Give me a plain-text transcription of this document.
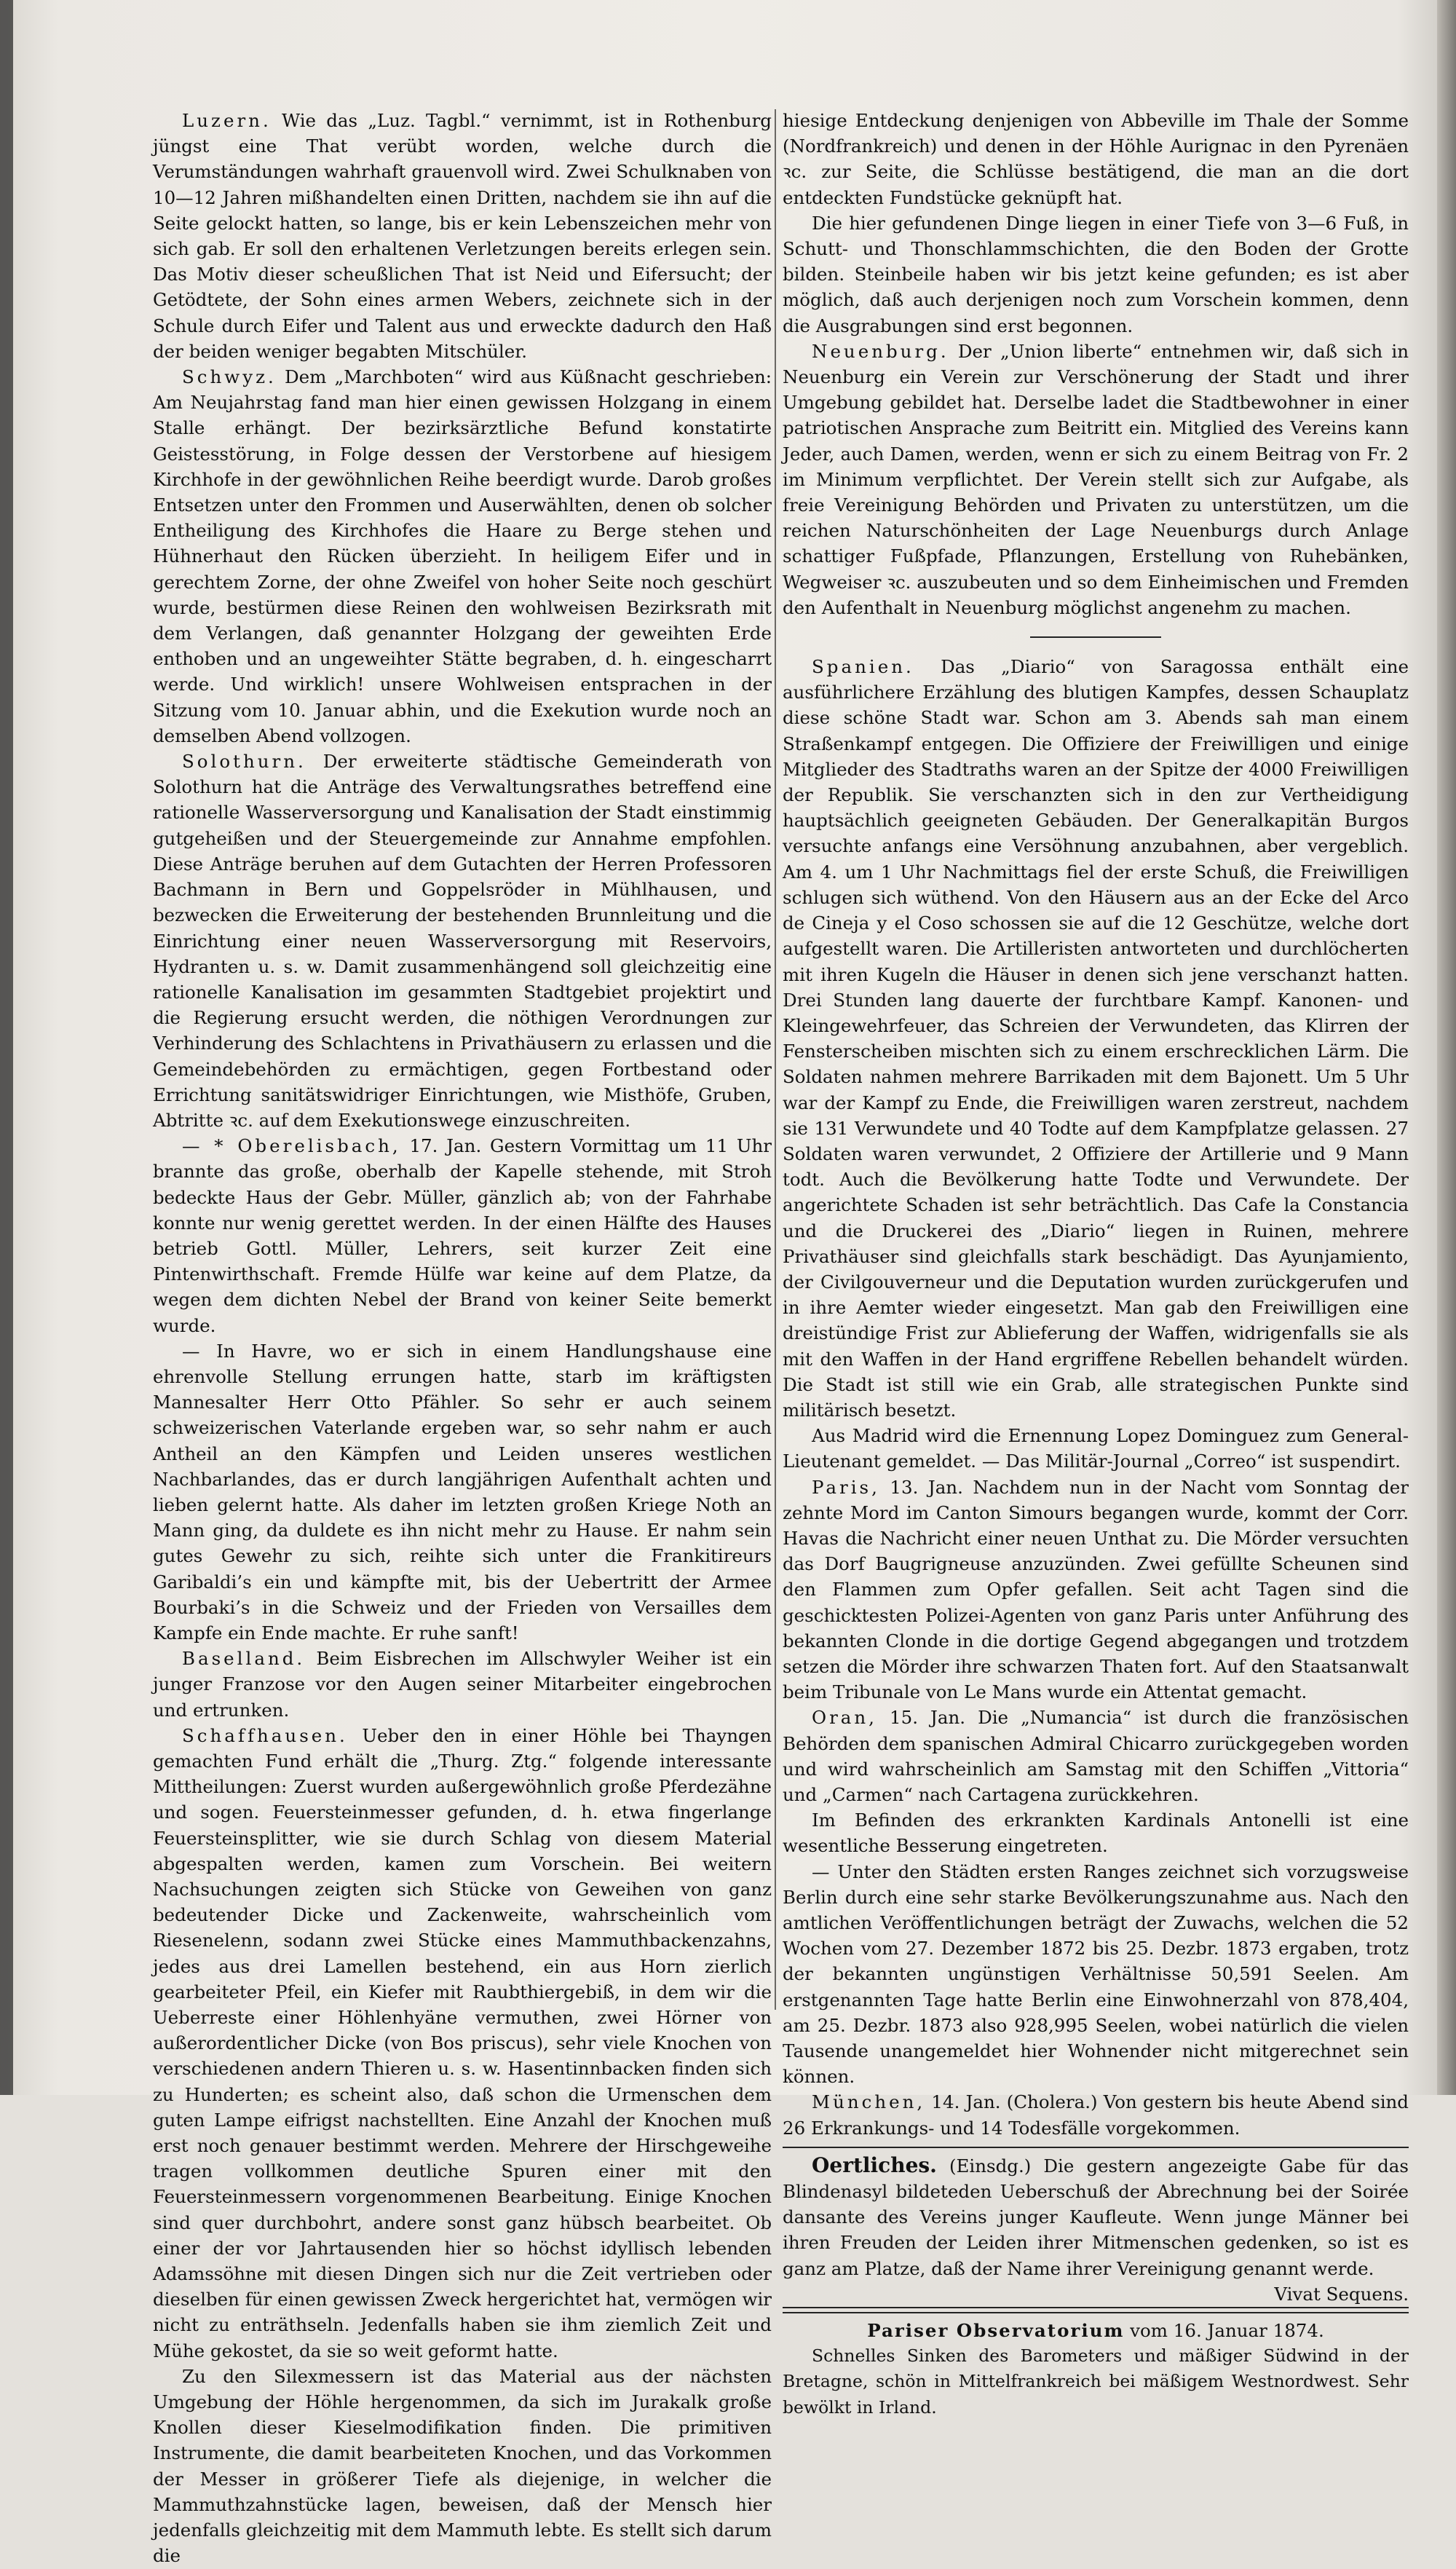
Luzern. Wie das „Luz. Tagbl.“ vernimmt, ist in Rothenburg jüngst eine That verübt worden, welche durch die Verumständungen wahrhaft grauenvoll wird. Zwei Schulknaben von 10—12 Jahren mißhandelten einen Dritten, nachdem sie ihn auf die Seite gelockt hatten, so lange, bis er kein Lebenszeichen mehr von sich gab. Er soll den erhaltenen Verletzungen bereits erlegen sein. Das Motiv dieser scheußlichen That ist Neid und Eifersucht; der Getödtete, der Sohn eines armen Webers, zeichnete sich in der Schule durch Eifer und Talent aus und erweckte dadurch den Haß der beiden weniger begabten Mitschüler.

Schwyz. Dem „Marchboten“ wird aus Küßnacht geschrieben: Am Neujahrstag fand man hier einen gewissen Holzgang in einem Stalle erhängt. Der bezirksärztliche Befund konstatirte Geistesstörung, in Folge dessen der Verstorbene auf hiesigem Kirchhofe in der gewöhnlichen Reihe beerdigt wurde. Darob großes Entsetzen unter den Frommen und Auserwählten, denen ob solcher Entheiligung des Kirchhofes die Haare zu Berge stehen und Hühnerhaut den Rücken überzieht. In heiligem Eifer und in gerechtem Zorne, der ohne Zweifel von hoher Seite noch geschürt wurde, bestürmen diese Reinen den wohlweisen Bezirksrath mit dem Verlangen, daß genannter Holzgang der geweihten Erde enthoben und an ungeweihter Stätte begraben, d. h. eingescharrt werde. Und wirklich! unsere Wohlweisen entsprachen in der Sitzung vom 10. Januar abhin, und die Exekution wurde noch an demselben Abend vollzogen.

Solothurn. Der erweiterte städtische Gemeinderath von Solothurn hat die Anträge des Verwaltungsrathes betreffend eine rationelle Wasserversorgung und Kanalisation der Stadt einstimmig gutgeheißen und der Steuergemeinde zur Annahme empfohlen. Diese Anträge beruhen auf dem Gutachten der Herren Professoren Bachmann in Bern und Goppelsröder in Mühlhausen, und bezwecken die Erweiterung der bestehenden Brunnleitung und die Einrichtung einer neuen Wasserversorgung mit Reservoirs, Hydranten u. s. w. Damit zusammenhängend soll gleichzeitig eine rationelle Kanalisation im gesammten Stadtgebiet projektirt und die Regierung ersucht werden, die nöthigen Verordnungen zur Verhinderung des Schlachtens in Privathäusern zu erlassen und die Gemeindebehörden zu ermächtigen, gegen Fortbestand oder Errichtung sanitätswidriger Einrichtungen, wie Misthöfe, Gruben, Abtritte ꝛc. auf dem Exekutionswege einzuschreiten.

— * Oberelisbach, 17. Jan. Gestern Vormittag um 11 Uhr brannte das große, oberhalb der Kapelle stehende, mit Stroh bedeckte Haus der Gebr. Müller, gänzlich ab; von der Fahrhabe konnte nur wenig gerettet werden. In der einen Hälfte des Hauses betrieb Gottl. Müller, Lehrers, seit kurzer Zeit eine Pintenwirthschaft. Fremde Hülfe war keine auf dem Platze, da wegen dem dichten Nebel der Brand von keiner Seite bemerkt wurde.

— In Havre, wo er sich in einem Handlungshause eine ehrenvolle Stellung errungen hatte, starb im kräftigsten Mannesalter Herr Otto Pfähler. So sehr er auch seinem schweizerischen Vaterlande ergeben war, so sehr nahm er auch Antheil an den Kämpfen und Leiden unseres westlichen Nachbarlandes, das er durch langjährigen Aufenthalt achten und lieben gelernt hatte. Als daher im letzten großen Kriege Noth an Mann ging, da duldete es ihn nicht mehr zu Hause. Er nahm sein gutes Gewehr zu sich, reihte sich unter die Frankitireurs Garibaldi’s ein und kämpfte mit, bis der Uebertritt der Armee Bourbaki’s in die Schweiz und der Frieden von Versailles dem Kampfe ein Ende machte. Er ruhe sanft!

Baselland. Beim Eisbrechen im Allschwyler Weiher ist ein junger Franzose vor den Augen seiner Mitarbeiter eingebrochen und ertrunken.

Schaffhausen. Ueber den in einer Höhle bei Thayngen gemachten Fund erhält die „Thurg. Ztg.“ folgende interessante Mittheilungen: Zuerst wurden außergewöhnlich große Pferdezähne und sogen. Feuersteinmesser gefunden, d. h. etwa fingerlange Feuersteinsplitter, wie sie durch Schlag von diesem Material abgespalten werden, kamen zum Vorschein. Bei weitern Nachsuchungen zeigten sich Stücke von Geweihen von ganz bedeutender Dicke und Zackenweite, wahrscheinlich vom Riesenelenn, sodann zwei Stücke eines Mammuthbackenzahns, jedes aus drei Lamellen bestehend, ein aus Horn zierlich gearbeiteter Pfeil, ein Kiefer mit Raubthiergebiß, in dem wir die Ueberreste einer Höhlenhyäne vermuthen, zwei Hörner von außerordentlicher Dicke (von Bos priscus), sehr viele Knochen von verschiedenen andern Thieren u. s. w. Hasentinnbacken finden sich zu Hunderten; es scheint also, daß schon die Urmenschen dem guten Lampe eifrigst nachstellten. Eine Anzahl der Knochen muß erst noch genauer bestimmt werden. Mehrere der Hirschgeweihe tragen vollkommen deutliche Spuren einer mit den Feuersteinmessern vorgenommenen Bearbeitung. Einige Knochen sind quer durchbohrt, andere sonst ganz hübsch bearbeitet. Ob einer der vor Jahrtausenden hier so höchst idyllisch lebenden Adamssöhne mit diesen Dingen sich nur die Zeit vertrieben oder dieselben für einen gewissen Zweck hergerichtet hat, vermögen wir nicht zu enträthseln. Jedenfalls haben sie ihm ziemlich Zeit und Mühe gekostet, da sie so weit geformt hatte.

Zu den Silexmessern ist das Material aus der nächsten Umgebung der Höhle hergenommen, da sich im Jurakalk große Knollen dieser Kieselmodifikation finden. Die primitiven Instrumente, die damit bearbeiteten Knochen, und das Vorkommen der Messer in größerer Tiefe als diejenige, in welcher die Mammuthzahnstücke lagen, beweisen, daß der Mensch hier jedenfalls gleichzeitig mit dem Mammuth lebte. Es stellt sich darum die

hiesige Entdeckung denjenigen von Abbeville im Thale der Somme (Nordfrankreich) und denen in der Höhle Aurignac in den Pyrenäen ꝛc. zur Seite, die Schlüsse bestätigend, die man an die dort entdeckten Fundstücke geknüpft hat.

Die hier gefundenen Dinge liegen in einer Tiefe von 3—6 Fuß, in Schutt- und Thonschlammschichten, die den Boden der Grotte bilden. Steinbeile haben wir bis jetzt keine gefunden; es ist aber möglich, daß auch derjenigen noch zum Vorschein kommen, denn die Ausgrabungen sind erst begonnen.

Neuenburg. Der „Union liberte“ entnehmen wir, daß sich in Neuenburg ein Verein zur Verschönerung der Stadt und ihrer Umgebung gebildet hat. Derselbe ladet die Stadtbewohner in einer patriotischen Ansprache zum Beitritt ein. Mitglied des Vereins kann Jeder, auch Damen, werden, wenn er sich zu einem Beitrag von Fr. 2 im Minimum verpflichtet. Der Verein stellt sich zur Aufgabe, als freie Vereinigung Behörden und Privaten zu unterstützen, um die reichen Naturschönheiten der Lage Neuenburgs durch Anlage schattiger Fußpfade, Pflanzungen, Erstellung von Ruhebänken, Wegweiser ꝛc. auszubeuten und so dem Einheimischen und Fremden den Aufenthalt in Neuenburg möglichst angenehm zu machen.

Spanien. Das „Diario“ von Saragossa enthält eine ausführlichere Erzählung des blutigen Kampfes, dessen Schauplatz diese schöne Stadt war. Schon am 3. Abends sah man einem Straßenkampf entgegen. Die Offiziere der Freiwilligen und einige Mitglieder des Stadtraths waren an der Spitze der 4000 Freiwilligen der Republik. Sie verschanzten sich in den zur Vertheidigung hauptsächlich geeigneten Gebäuden. Der Generalkapitän Burgos versuchte anfangs eine Versöhnung anzubahnen, aber vergeblich. Am 4. um 1 Uhr Nachmittags fiel der erste Schuß, die Freiwilligen schlugen sich wüthend. Von den Häusern aus an der Ecke del Arco de Cineja y el Coso schossen sie auf die 12 Geschütze, welche dort aufgestellt waren. Die Artilleristen antworteten und durchlöcherten mit ihren Kugeln die Häuser in denen sich jene verschanzt hatten. Drei Stunden lang dauerte der furchtbare Kampf. Kanonen- und Kleingewehrfeuer, das Schreien der Verwundeten, das Klirren der Fensterscheiben mischten sich zu einem erschrecklichen Lärm. Die Soldaten nahmen mehrere Barrikaden mit dem Bajonett. Um 5 Uhr war der Kampf zu Ende, die Freiwilligen waren zerstreut, nachdem sie 131 Verwundete und 40 Todte auf dem Kampfplatze gelassen. 27 Soldaten waren verwundet, 2 Offiziere der Artillerie und 9 Mann todt. Auch die Bevölkerung hatte Todte und Verwundete. Der angerichtete Schaden ist sehr beträchtlich. Das Cafe la Constancia und die Druckerei des „Diario“ liegen in Ruinen, mehrere Privathäuser sind gleichfalls stark beschädigt. Das Ayunjamiento, der Civilgouverneur und die Deputation wurden zurückgerufen und in ihre Aemter wieder eingesetzt. Man gab den Freiwilligen eine dreistündige Frist zur Ablieferung der Waffen, widrigenfalls sie als mit den Waffen in der Hand ergriffene Rebellen behandelt würden. Die Stadt ist still wie ein Grab, alle strategischen Punkte sind militärisch besetzt.

Aus Madrid wird die Ernennung Lopez Dominguez zum General-Lieutenant gemeldet. — Das Militär-Journal „Correo“ ist suspendirt.

Paris, 13. Jan. Nachdem nun in der Nacht vom Sonntag der zehnte Mord im Canton Simours begangen wurde, kommt der Corr. Havas die Nachricht einer neuen Unthat zu. Die Mörder versuchten das Dorf Baugrigneuse anzuzünden. Zwei gefüllte Scheunen sind den Flammen zum Opfer gefallen. Seit acht Tagen sind die geschicktesten Polizei-Agenten von ganz Paris unter Anführung des bekannten Clonde in die dortige Gegend abgegangen und trotzdem setzen die Mörder ihre schwarzen Thaten fort. Auf den Staatsanwalt beim Tribunale von Le Mans wurde ein Attentat gemacht.

Oran, 15. Jan. Die „Numancia“ ist durch die französischen Behörden dem spanischen Admiral Chicarro zurückgegeben worden und wird wahrscheinlich am Samstag mit den Schiffen „Vittoria“ und „Carmen“ nach Cartagena zurückkehren.

Im Befinden des erkrankten Kardinals Antonelli ist eine wesentliche Besserung eingetreten.

— Unter den Städten ersten Ranges zeichnet sich vorzugsweise Berlin durch eine sehr starke Bevölkerungszunahme aus. Nach den amtlichen Veröffentlichungen beträgt der Zuwachs, welchen die 52 Wochen vom 27. Dezember 1872 bis 25. Dezbr. 1873 ergaben, trotz der bekannten ungünstigen Verhältnisse 50,591 Seelen. Am erstgenannten Tage hatte Berlin eine Einwohnerzahl von 878,404, am 25. Dezbr. 1873 also 928,995 Seelen, wobei natürlich die vielen Tausende unangemeldet hier Wohnender nicht mitgerechnet sein können.

München, 14. Jan. (Cholera.) Von gestern bis heute Abend sind 26 Erkrankungs- und 14 Todesfälle vorgekommen.

Oertliches. (Einsdg.) Die gestern angezeigte Gabe für das Blindenasyl bildeteden Ueberschuß der Abrechnung bei der Soirée dansante des Vereins junger Kaufleute. Wenn junge Männer bei ihren Freuden der Leiden ihrer Mitmenschen gedenken, so ist es ganz am Platze, daß der Name ihrer Vereinigung genannt werde.
Vivat Sequens.

Pariser Observatorium vom 16. Januar 1874.

Schnelles Sinken des Barometers und mäßiger Südwind in der Bretagne, schön in Mittelfrankreich bei mäßigem Westnordwest. Sehr bewölkt in Irland.
